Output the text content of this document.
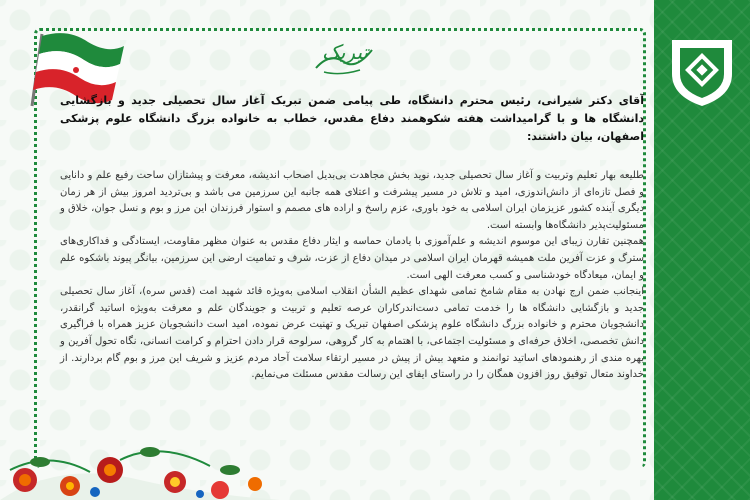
تبریک

آقای دکتر شیرانی، رئیس محترم دانشگاه، طی پیامی ضمن تبریک آغاز سال تحصیلی جدید و بازگشایی دانشگاه ها و با گرامیداشت هفته شکوهمند دفاع مقدس، خطاب به خانواده بزرگ دانشگاه علوم پزشکی اصفهان، بیان داشتند:

طلیعه بهار تعلیم وتربیت و آغاز سال تحصیلی جدید، نوید بخش مجاهدت بی‌بدیل اصحاب اندیشه، معرفت و پیشتازان ساحت رفیع علم و دانایی و فصل تازه‌ای از دانش‌اندوزی، امید و تلاش در مسیر پیشرفت و اعتلای همه جانبه این سرزمین می باشد و بی‌تردید امروز بیش از هر زمان دیگری آینده کشور عزیزمان ایران اسلامی به خود باوری، عزم راسخ و اراده های مصمم و استوار فرزندان این مرز و بوم و نسل جوان، خلاق و مسئولیت‌پذیر دانشگاه‌ها وابسته است.

همچنین تقارن زیبای این موسوم اندیشه و علم‌آموزی با یادمان حماسه و ایثار دفاع مقدس به عنوان مظهر مقاومت، ایستادگی و فداکاری‌های سترگ و عزت آفرین ملت همیشه قهرمان ایران اسلامی در میدان دفاع از عزت، شرف و تمامیت ارضی این سرزمین، بیانگر پیوند باشکوه علم و ایمان، میعادگاه خودشناسی و کسب معرفت الهی است.

اینجانب ضمن ارج نهادن به مقام شامخ تمامی شهدای عظیم الشأن انقلاب اسلامی به‌ویژه قائد شهید امت (قدس سره)، آغاز سال تحصیلی جدید و بازگشایی دانشگاه ها را خدمت تمامی دست‌اندرکاران عرصه تعلیم و تربیت و جویندگان علم و معرفت به‌ویژه اساتید گرانقدر، دانشجویان محترم و خانواده بزرگ دانشگاه علوم پزشکی اصفهان تبریک و تهنیت عرض نموده، امید است دانشجویان عزیز همراه با فراگیری دانش تخصصی، اخلاق حرفه‌ای و مسئولیت اجتماعی، با اهتمام به کار گروهی، سرلوحه قرار دادن احترام و کرامت انسانی، نگاه تحول آفرین و بهره مندی از رهنمودهای اساتید توانمند و متعهد بیش از پیش در مسیر ارتقاء سلامت آحاد مردم عزیز و شریف این مرز و بوم گام بردارند. از خداوند متعال توفیق روز افزون همگان را در راستای ایفای این رسالت مقدس مسئلت می‌نمایم.
